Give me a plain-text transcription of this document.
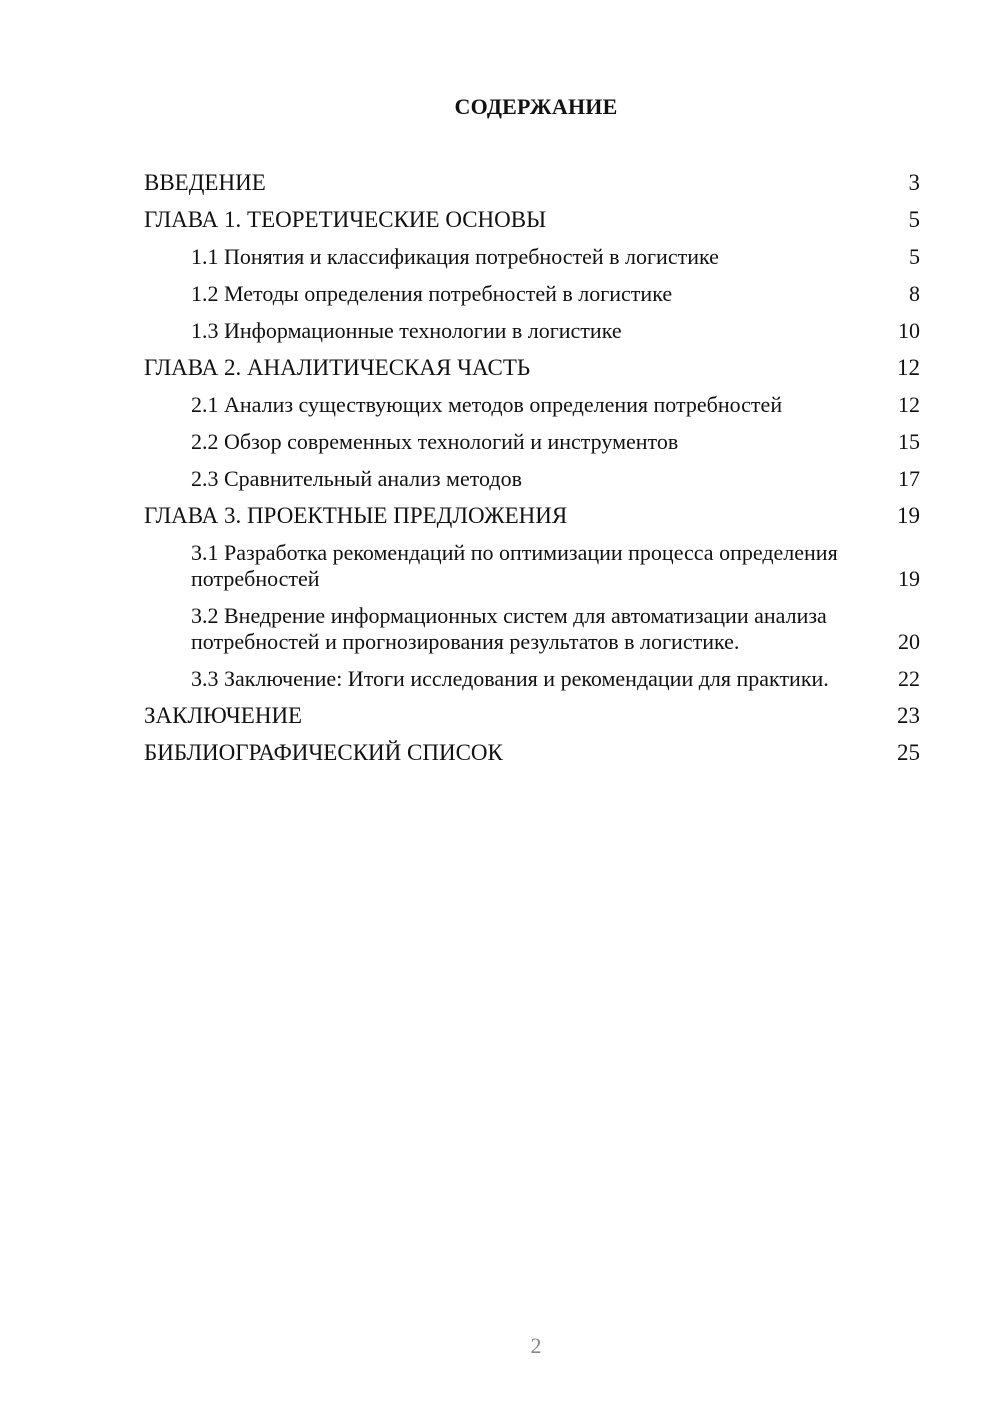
СОДЕРЖАНИЕ
ВВЕДЕНИЕ	3
ГЛАВА 1. ТЕОРЕТИЧЕСКИЕ ОСНОВЫ	5
1.1 Понятия и классификация потребностей в логистике	5
1.2 Методы определения потребностей в логистике	8
1.3 Информационные технологии в логистике	10
ГЛАВА 2. АНАЛИТИЧЕСКАЯ ЧАСТЬ	12
2.1 Анализ существующих методов определения потребностей	12
2.2 Обзор современных технологий и инструментов	15
2.3 Сравнительный анализ методов	17
ГЛАВА 3. ПРОЕКТНЫЕ ПРЕДЛОЖЕНИЯ	19
3.1 Разработка рекомендаций по оптимизации процесса определения потребностей	19
3.2 Внедрение информационных систем для автоматизации анализа потребностей и прогнозирования результатов в логистике.	20
3.3 Заключение: Итоги исследования и рекомендации для практики.	22
ЗАКЛЮЧЕНИЕ	23
БИБЛИОГРАФИЧЕСКИЙ СПИСОК	25
2
